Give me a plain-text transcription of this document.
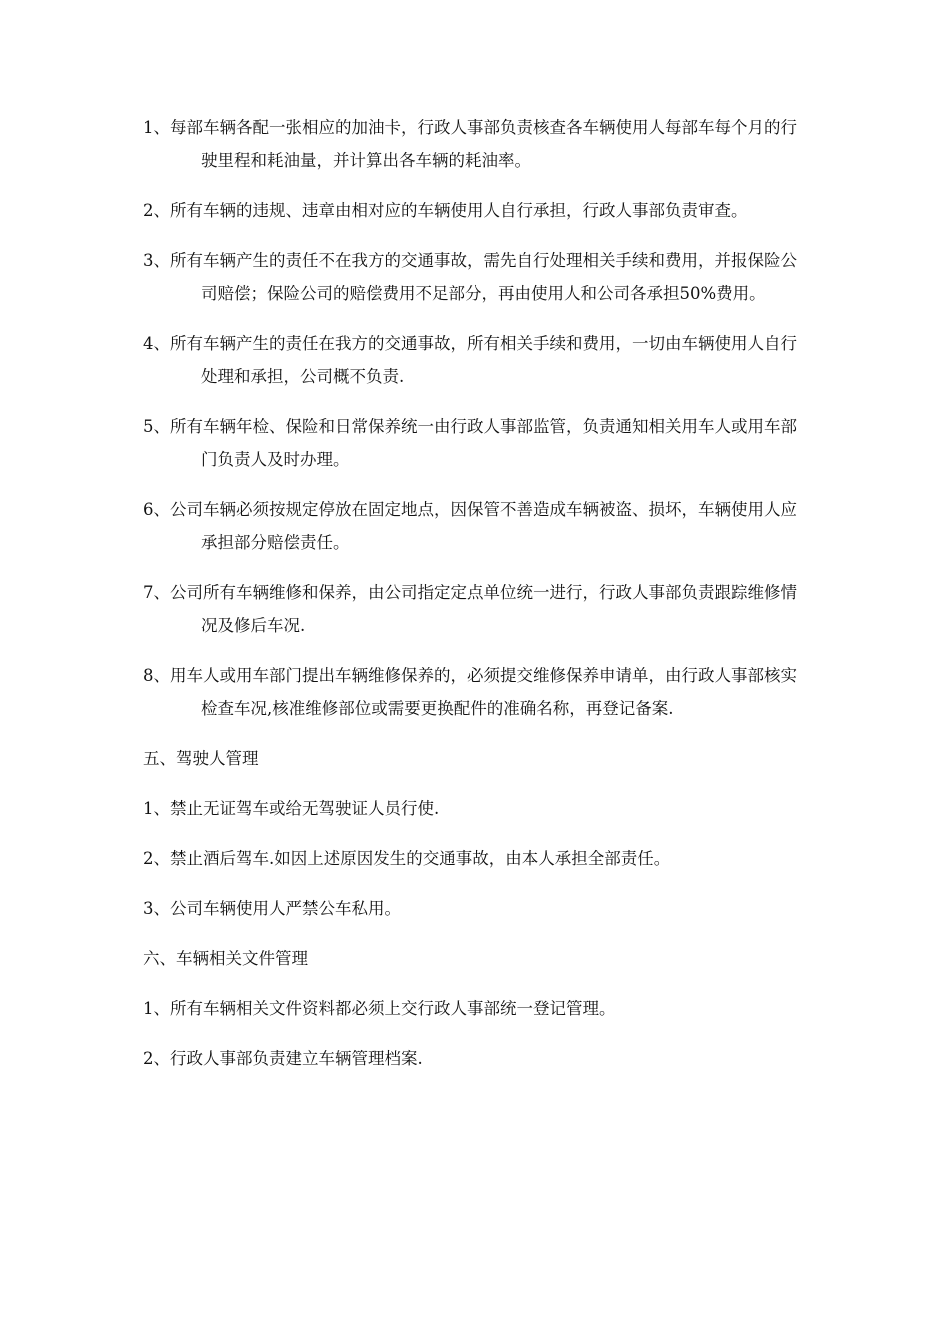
1、每部车辆各配一张相应的加油卡，行政人事部负责核查各车辆使用人每部车每个月的行驶里程和耗油量，并计算出各车辆的耗油率。

2、所有车辆的违规、违章由相对应的车辆使用人自行承担，行政人事部负责审查。

3、所有车辆产生的责任不在我方的交通事故，需先自行处理相关手续和费用，并报保险公司赔偿；保险公司的赔偿费用不足部分，再由使用人和公司各承担50%费用。

4、所有车辆产生的责任在我方的交通事故，所有相关手续和费用，一切由车辆使用人自行处理和承担，公司概不负责.

5、所有车辆年检、保险和日常保养统一由行政人事部监管，负责通知相关用车人或用车部门负责人及时办理。

6、公司车辆必须按规定停放在固定地点，因保管不善造成车辆被盗、损坏，车辆使用人应承担部分赔偿责任。

7、公司所有车辆维修和保养，由公司指定定点单位统一进行，行政人事部负责跟踪维修情况及修后车况.

8、用车人或用车部门提出车辆维修保养的，必须提交维修保养申请单，由行政人事部核实检查车况,核准维修部位或需要更换配件的准确名称，再登记备案.

五、驾驶人管理

1、禁止无证驾车或给无驾驶证人员行使.

2、禁止酒后驾车.如因上述原因发生的交通事故，由本人承担全部责任。

3、公司车辆使用人严禁公车私用。

六、车辆相关文件管理

1、所有车辆相关文件资料都必须上交行政人事部统一登记管理。

2、行政人事部负责建立车辆管理档案.
